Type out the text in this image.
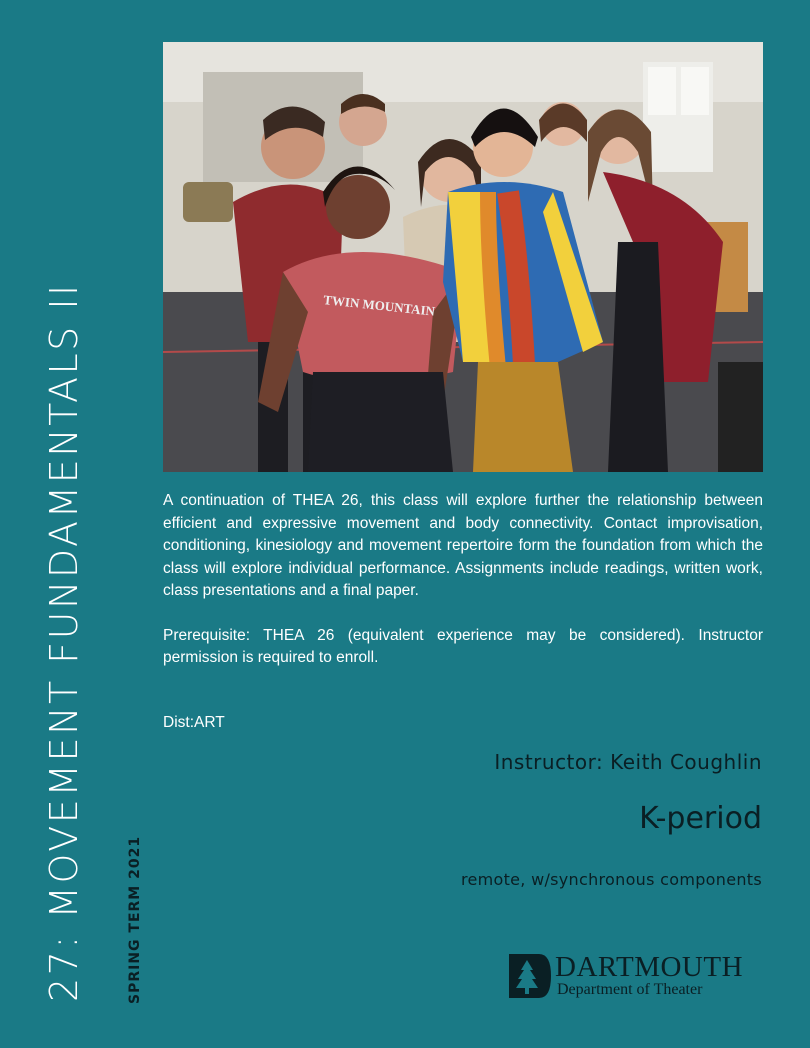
27: MOVEMENT FUNDAMENTALS II	SPRING TERM 2021
TWIN MOUNTAIN

A continuation of THEA 26, this class will explore further the relationship between efficient and expressive movement and body connectivity. Contact improvisation, conditioning, kinesiology and movement repertoire form the foundation from which the class will explore individual performance. Assignments include readings, written work, class presentations and a final paper.

Prerequisite: THEA 26 (equivalent experience may be considered). Instructor permission is required to enroll.

Dist:ART
Instructor: Keith Coughlin
K-period
remote, w/synchronous components
DARTMOUTH
Department of Theater
